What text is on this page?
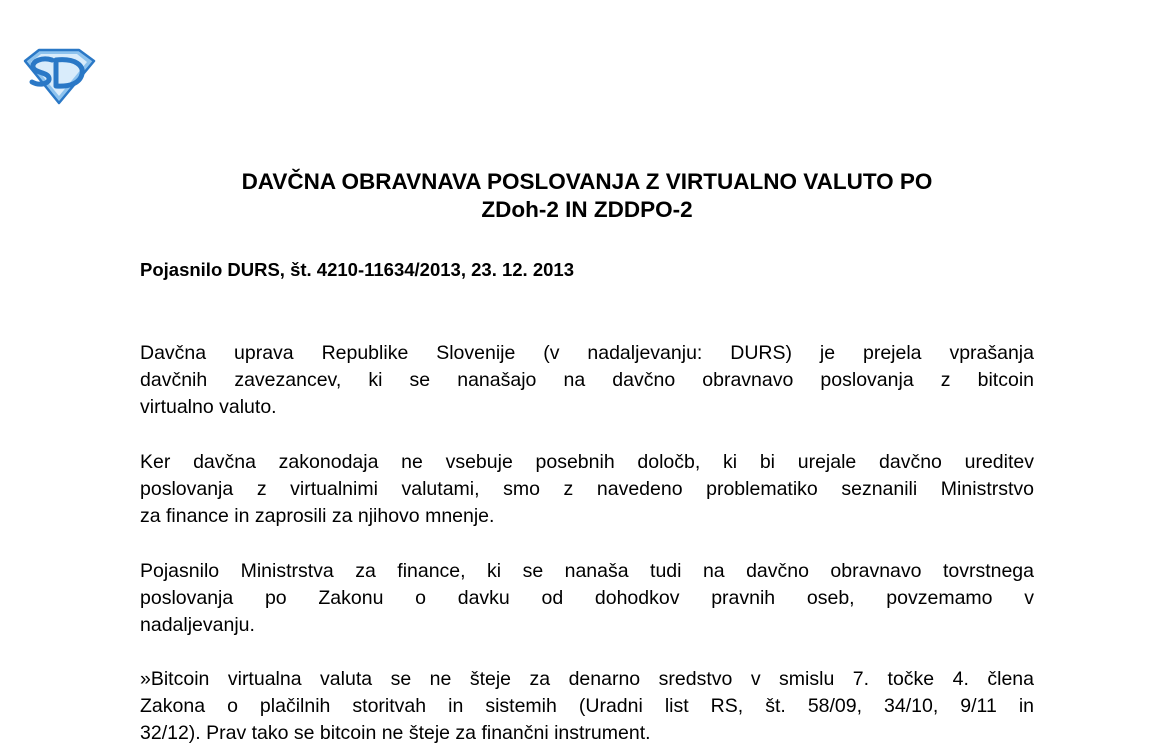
DAVČNA OBRAVNAVA POSLOVANJA Z VIRTUALNO VALUTO PO
ZDoh-2 IN ZDDPO-2

Pojasnilo DURS, št. 4210-11634/2013, 23. 12. 2013

Davčna uprava Republike Slovenije (v nadaljevanju: DURS) je prejela vprašanja
davčnih zavezancev, ki se nanašajo na davčno obravnavo poslovanja z bitcoin
virtualno valuto.

Ker davčna zakonodaja ne vsebuje posebnih določb, ki bi urejale davčno ureditev
poslovanja z virtualnimi valutami, smo z navedeno problematiko seznanili Ministrstvo
za finance in zaprosili za njihovo mnenje.

Pojasnilo Ministrstva za finance, ki se nanaša tudi na davčno obravnavo tovrstnega
poslovanja po Zakonu o davku od dohodkov pravnih oseb, povzemamo v
nadaljevanju.

»Bitcoin virtualna valuta se ne šteje za denarno sredstvo v smislu 7. točke 4. člena
Zakona o plačilnih storitvah in sistemih (Uradni list RS, št. 58/09, 34/10, 9/11 in
32/12). Prav tako se bitcoin ne šteje za finančni instrument.
